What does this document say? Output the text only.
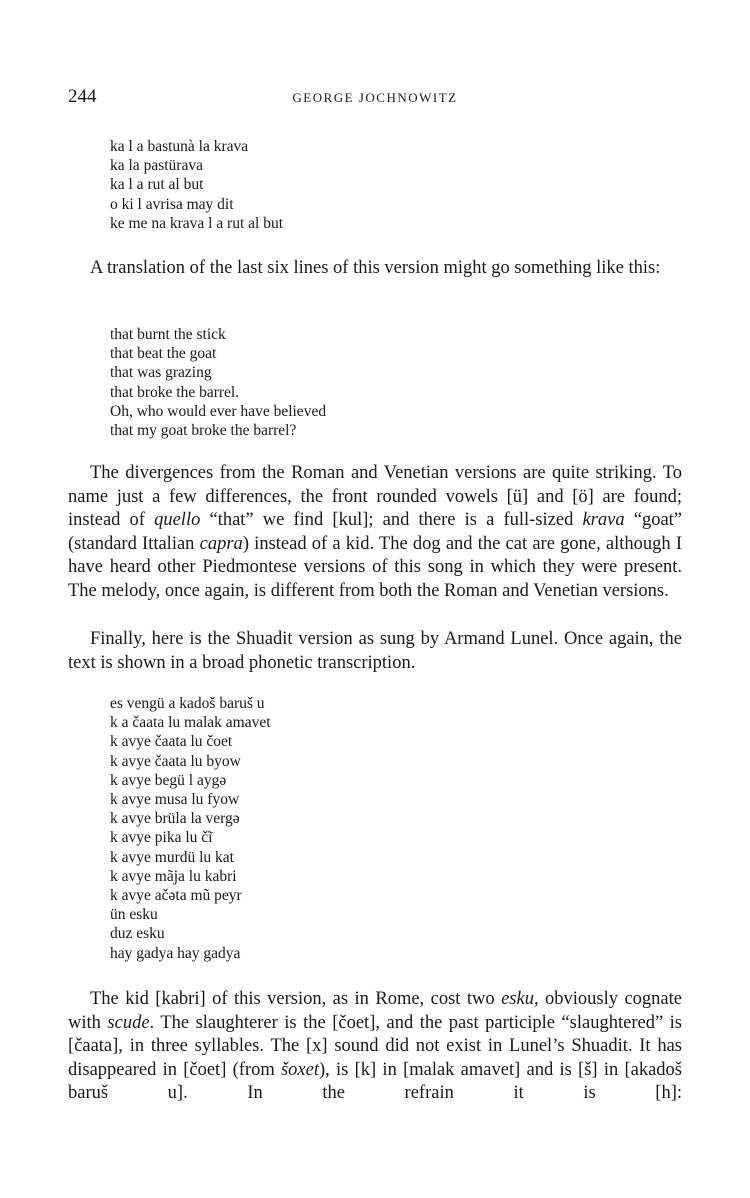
244	GEORGE JOCHNOWITZ
ka l a bastunà la krava
ka la pastürava
ka l a rut al but
o ki l avrisa may dit
ke me na krava l a rut al but

A translation of the last six lines of this version might go something like this:

that burnt the stick
that beat the goat
that was grazing
that broke the barrel.
Oh, who would ever have believed
that my goat broke the barrel?

The divergences from the Roman and Venetian versions are quite striking. To name just a few differences, the front rounded vowels [ü] and [ö] are found; instead of quello “that” we find [kul]; and there is a full-sized krava “goat” (standard Ittalian capra) instead of a kid. The dog and the cat are gone, although I have heard other Piedmontese versions of this song in which they were present. The melody, once again, is different from both the Roman and Venetian versions.

Finally, here is the Shuadit version as sung by Armand Lunel. Once again, the text is shown in a broad phonetic transcription.

es vengü a kadoš baruš u
k a čaata lu malak amavet
k avye čaata lu čoet
k avye čaata lu byow
k avye begü l aygə
k avye musa lu fyow
k avye brüla la vergə
k avye pika lu čĩ
k avye murdü lu kat
k avye mãja lu kabri
k avye ačəta mũ peyr
ün esku
duz esku
hay gadya hay gadya

The kid [kabri] of this version, as in Rome, cost two esku, obviously cognate with scude. The slaughterer is the [čoet], and the past participle “slaughtered” is [čaata], in three syllables. The [x] sound did not exist in Lunel’s Shuadit. It has disappeared in [čoet] (from šoxet), is [k] in [malak amavet] and is [š] in [akadoš baruš u]. In the refrain it is [h]:
